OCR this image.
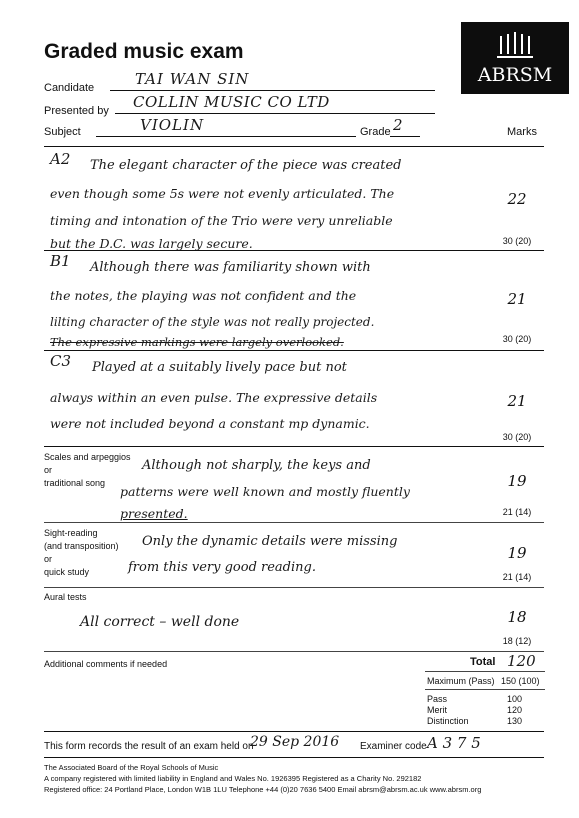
Graded music exam
ABRSM
Candidate	TAI WAN SIN
Presented by COLLIN MUSIC CO LTD
Subject	VIOLIN	Grade 2	Marks
A2 The elegant character of the piece was created
even though some 5s were not evenly articulated. The
timing and intonation of the Trio were very unreliable
but the D.C. was largely secure.
22
30 (20)
B1 Although there was familiarity shown with
the notes, the playing was not confident and the
lilting character of the style was not really projected.
The expressive markings were largely overlooked.
21
30 (20)
C3 Played at a suitably lively pace but not
always within an even pulse. The expressive details
were not included beyond a constant mp dynamic.
21
30 (20)
Scales and arpeggios
or
traditional song
Although not sharply, the keys and
patterns were well known and mostly fluently
presented.
19
21 (14)
Sight-reading
(and transposition)
or
quick study
Only the dynamic details were missing
from this very good reading.
19
21 (14)
Aural tests
All correct – well done	18
18 (12)
Additional comments if needed	Total 120
Maximum (Pass) 150 (100)
Pass	100
Merit	120
Distinction	130
This form records the result of an exam held on
29 Sep 2016 Examiner code A 3 7 5
The Associated Board of the Royal Schools of Music
A company registered with limited liability in England and Wales No. 1926395 Registered as a Charity No. 292182
Registered office: 24 Portland Place, London W1B 1LU Telephone +44 (0)20 7636 5400 Email abrsm@abrsm.ac.uk www.abrsm.org
